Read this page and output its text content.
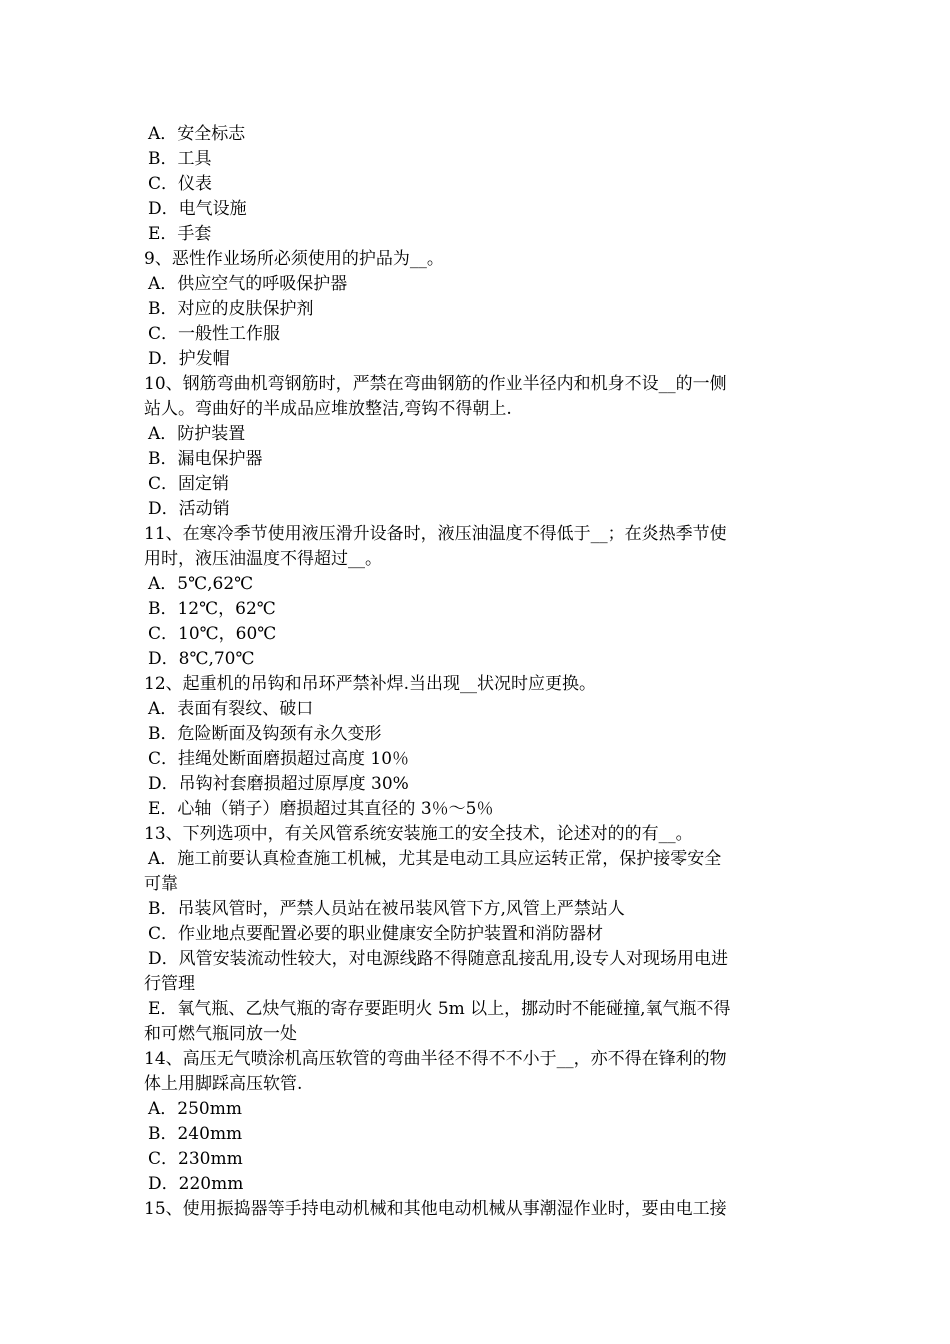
A．安全标志
B．工具
C．仪表
D．电气设施
E．手套
9、恶性作业场所必须使用的护品为__。
A．供应空气的呼吸保护器
B．对应的皮肤保护剂
C．一般性工作服
D．护发帽
10、钢筋弯曲机弯钢筋时，严禁在弯曲钢筋的作业半径内和机身不设__的一侧
站人。弯曲好的半成品应堆放整洁,弯钩不得朝上.
A．防护装置
B．漏电保护器
C．固定销
D．活动销
11、在寒冷季节使用液压滑升设备时，液压油温度不得低于__；在炎热季节使
用时，液压油温度不得超过__。
A．5℃,62℃
B．12℃，62℃
C．10℃，60℃
D．8℃,70℃
12、起重机的吊钩和吊环严禁补焊.当出现__状况时应更换。
A．表面有裂纹、破口
B．危险断面及钩颈有永久变形
C．挂绳处断面磨损超过高度 10％
D．吊钩衬套磨损超过原厚度 30%
E．心轴（销子）磨损超过其直径的 3％～5％
13、下列选项中，有关风管系统安装施工的安全技术，论述对的的有__。
A．施工前要认真检查施工机械，尤其是电动工具应运转正常，保护接零安全
可靠
B．吊装风管时，严禁人员站在被吊装风管下方,风管上严禁站人
C．作业地点要配置必要的职业健康安全防护装置和消防器材
D．风管安装流动性较大，对电源线路不得随意乱接乱用,设专人对现场用电进
行管理
E．氧气瓶、乙炔气瓶的寄存要距明火 5m 以上，挪动时不能碰撞,氧气瓶不得
和可燃气瓶同放一处
14、高压无气喷涂机高压软管的弯曲半径不得不不小于__，亦不得在锋利的物
体上用脚踩高压软管.
A．250mm
B．240mm
C．230mm
D．220mm
15、使用振捣器等手持电动机械和其他电动机械从事潮湿作业时，要由电工接
